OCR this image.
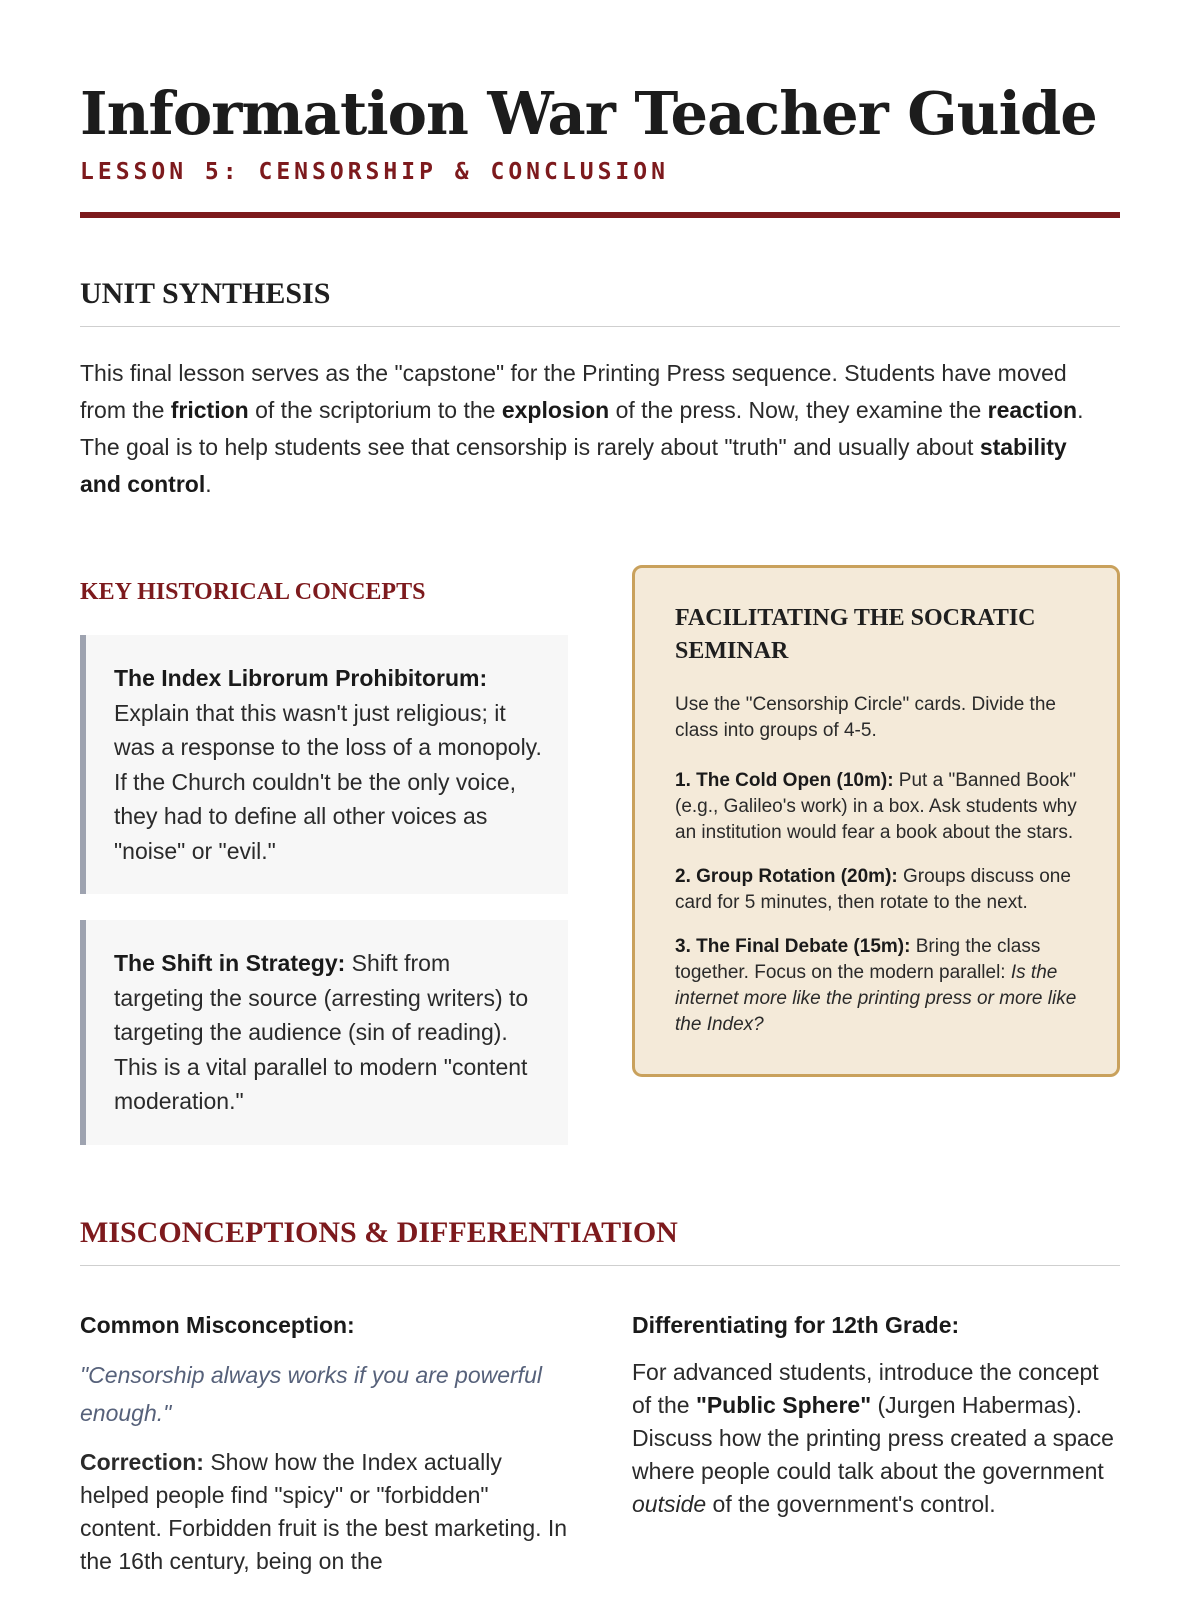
Information War Teacher Guide
LESSON 5: CENSORSHIP & CONCLUSION
UNIT SYNTHESIS

This final lesson serves as the "capstone" for the Printing Press sequence. Students have moved from the friction of the scriptorium to the explosion of the press. Now, they examine the reaction. The goal is to help students see that censorship is rarely about "truth" and usually about stability and control.

KEY HISTORICAL CONCEPTS
The Index Librorum Prohibitorum: Explain that this wasn't just religious; it was a response to the loss of a monopoly. If the Church couldn't be the only voice, they had to define all other voices as "noise" or "evil."
The Shift in Strategy: Shift from targeting the source (arresting writers) to targeting the audience (sin of reading). This is a vital parallel to modern "content moderation."
FACILITATING THE SOCRATIC SEMINAR
Use the "Censorship Circle" cards. Divide the class into groups of 4-5.
1. The Cold Open (10m): Put a "Banned Book" (e.g., Galileo's work) in a box. Ask students why an institution would fear a book about the stars.
2. Group Rotation (20m): Groups discuss one card for 5 minutes, then rotate to the next.
3. The Final Debate (15m): Bring the class together. Focus on the modern parallel: Is the internet more like the printing press or more like the Index?
MISCONCEPTIONS & DIFFERENTIATION
Common Misconception:
"Censorship always works if you are powerful enough."
Correction: Show how the Index actually helped people find "spicy" or "forbidden" content. Forbidden fruit is the best marketing. In the 16th century, being on the
Differentiating for 12th Grade:
For advanced students, introduce the concept of the "Public Sphere" (Jurgen Habermas). Discuss how the printing press created a space where people could talk about the government outside of the government's control.
